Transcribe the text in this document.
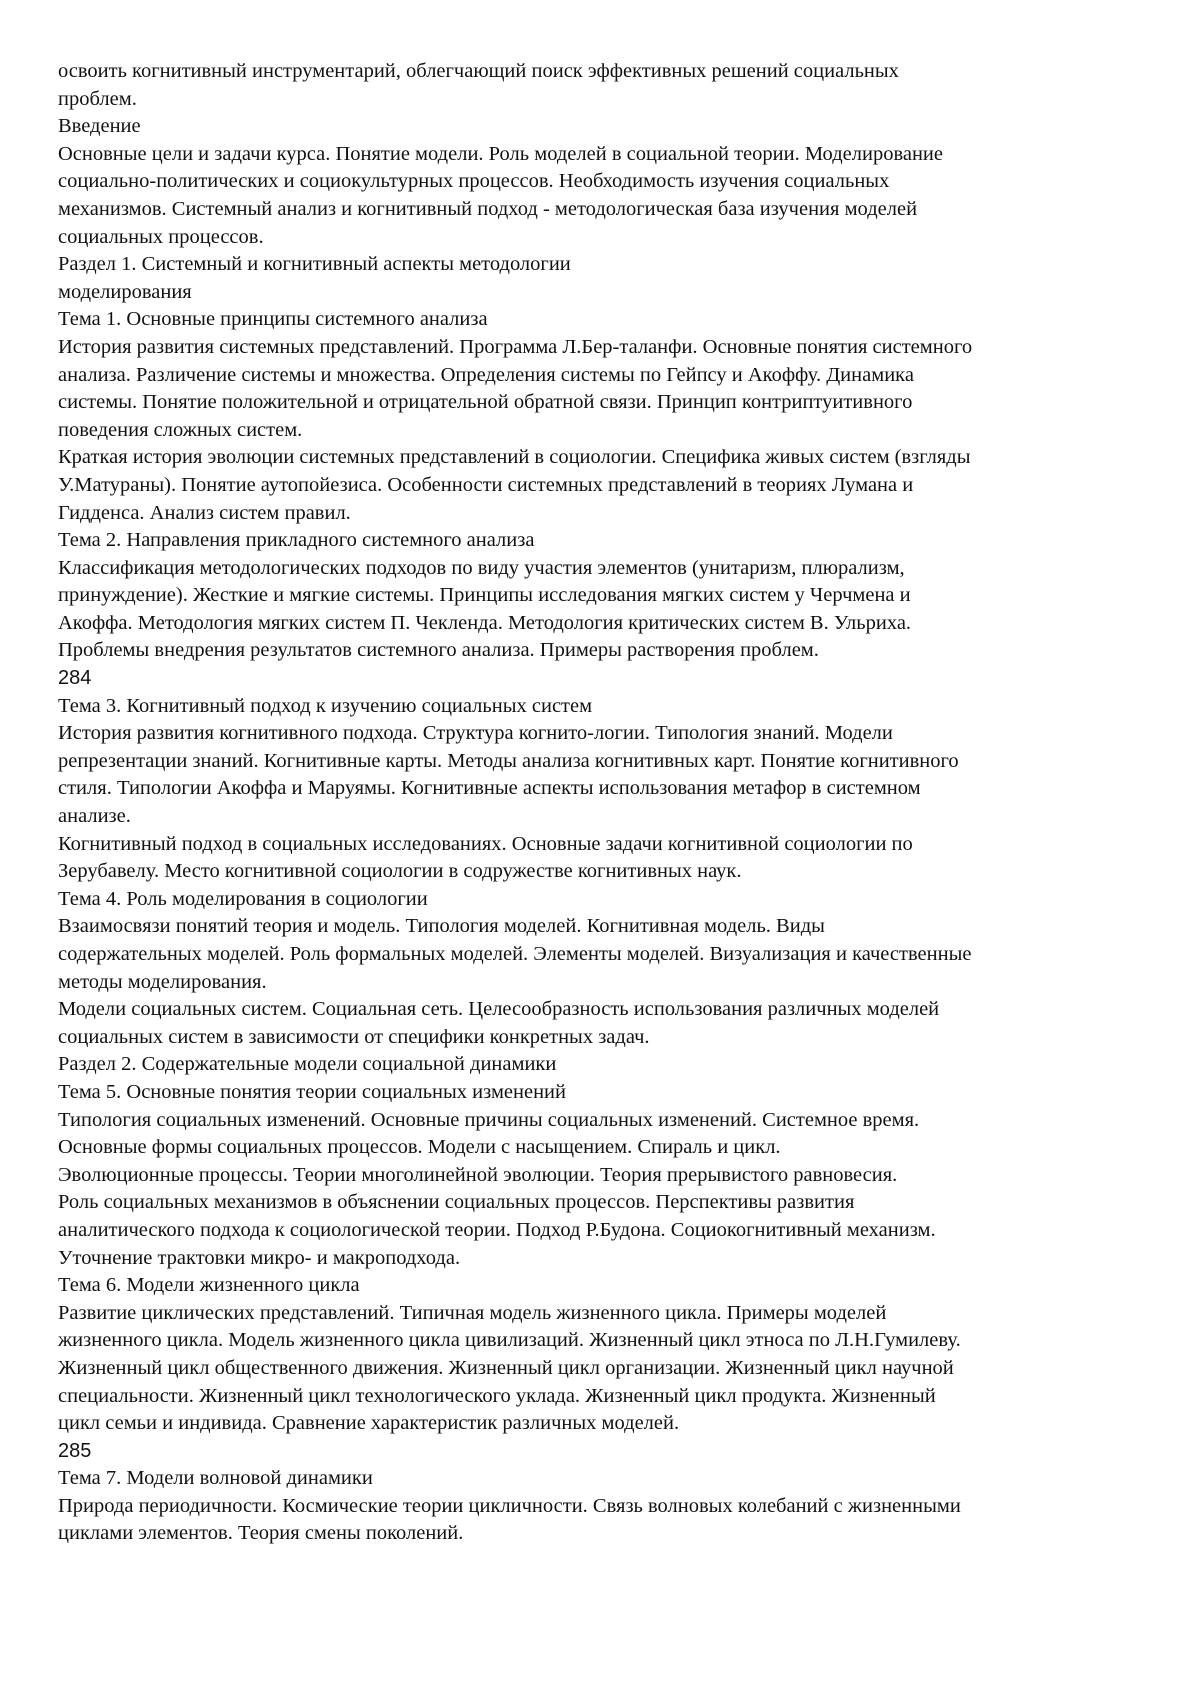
освоить когнитивный инструментарий, облегчающий поиск эффективных решений социальных
проблем.
Введение
Основные цели и задачи курса. Понятие модели. Роль моделей в социальной теории. Моделирование
социально-политических и социокультурных процессов. Необходимость изучения социальных
механизмов. Системный анализ и когнитивный подход - методологическая база изучения моделей
социальных процессов.
Раздел 1. Системный и когнитивный аспекты методологии
моделирования
Тема 1. Основные принципы системного анализа
История развития системных представлений. Программа Л.Бер-таланфи. Основные понятия системного
анализа. Различение системы и множества. Определения системы по Гейпсу и Акоффу. Динамика
системы. Понятие положительной и отрицательной обратной связи. Принцип контриптуитивного
поведения сложных систем.
Краткая история эволюции системных представлений в социологии. Специфика живых систем (взгляды
У.Матураны). Понятие аутопойезиса. Особенности системных представлений в теориях Лумана и
Гидденса. Анализ систем правил.
Тема 2. Направления прикладного системного анализа
Классификация методологических подходов по виду участия элементов (унитаризм, плюрализм,
принуждение). Жесткие и мягкие системы. Принципы исследования мягких систем у Черчмена и
Акоффа. Методология мягких систем П. Чекленда. Методология критических систем В. Ульриха.
Проблемы внедрения результатов системного анализа. Примеры растворения проблем.
284
Тема 3. Когнитивный подход к изучению социальных систем
История развития когнитивного подхода. Структура когнито-логии. Типология знаний. Модели
репрезентации знаний. Когнитивные карты. Методы анализа когнитивных карт. Понятие когнитивного
стиля. Типологии Акоффа и Маруямы. Когнитивные аспекты использования метафор в системном
анализе.
Когнитивный подход в социальных исследованиях. Основные задачи когнитивной социологии по
Зерубавелу. Место когнитивной социологии в содружестве когнитивных наук.
Тема 4. Роль моделирования в социологии
Взаимосвязи понятий теория и модель. Типология моделей. Когнитивная модель. Виды
содержательных моделей. Роль формальных моделей. Элементы моделей. Визуализация и качественные
методы моделирования.
Модели социальных систем. Социальная сеть. Целесообразность использования различных моделей
социальных систем в зависимости от специфики конкретных задач.
Раздел 2. Содержательные модели социальной динамики
Тема 5. Основные понятия теории социальных изменений
Типология социальных изменений. Основные причины социальных изменений. Системное время.
Основные формы социальных процессов. Модели с насыщением. Спираль и цикл.
Эволюционные процессы. Теории многолинейной эволюции. Теория прерывистого равновесия.
Роль социальных механизмов в объяснении социальных процессов. Перспективы развития
аналитического подхода к социологической теории. Подход Р.Будона. Социокогнитивный механизм.
Уточнение трактовки микро- и макроподхода.
Тема 6. Модели жизненного цикла
Развитие циклических представлений. Типичная модель жизненного цикла. Примеры моделей
жизненного цикла. Модель жизненного цикла цивилизаций. Жизненный цикл этноса по Л.Н.Гумилеву.
Жизненный цикл общественного движения. Жизненный цикл организации. Жизненный цикл научной
специальности. Жизненный цикл технологического уклада. Жизненный цикл продукта. Жизненный
цикл семьи и индивида. Сравнение характеристик различных моделей.
285
Тема 7. Модели волновой динамики
Природа периодичности. Космические теории цикличности. Связь волновых колебаний с жизненными
циклами элементов. Теория смены поколений.
